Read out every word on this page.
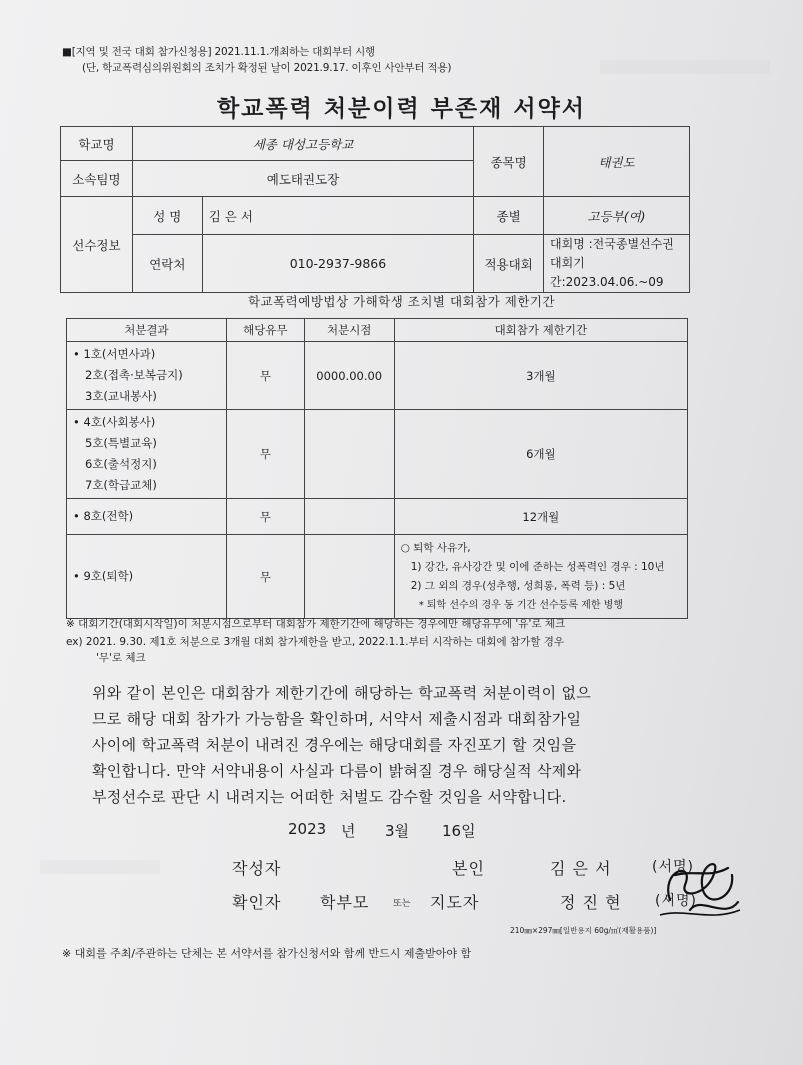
■[지역 및 전국 대회 참가신청용] 2021.11.1.개최하는 대회부터 시행
(단, 학교폭력심의위원회의 조치가 확정된 날이 2021.9.17. 이후인 사안부터 적용)
학교폭력 처분이력 부존재 서약서
학교명	세종 대성고등학교		종목명	태권도
소속팀명	예도태권도장			
선수정보	성 명	김 은 서	종별	고등부(여)
	연락처	010-2937-9866	적용대회	대회명 :전국종별선수권
대회기간:2023.04.06.~09
학교폭력예방법상 가해학생 조치별 대회참가 제한기간
처분결과	해당유무	처분시점	대회참가 제한기간

• 1호(서면사과)
2호(접촉·보복금지)
3호(교내봉사)	무	0000.00.00	3개월

• 4호(사회봉사)
5호(특별교육)
6호(출석정지)
7호(학급교체)	무		6개월

• 8호(전학)	무		12개월

• 9호(퇴학)	무		○ 퇴학 사유가,
1) 강간, 유사강간 및 이에 준하는 성폭력인 경우 : 10년
2) 그 외의 경우(성추행, 성희롱, 폭력 등) : 5년
* 퇴학 선수의 경우 동 기간 선수등록 제한 병행
※ 대회기간(대회시작일)이 처분시점으로부터 대회참가 제한기간에 해당하는 경우에만 해당유무에 '유'로 체크
ex) 2021. 9.30. 제1호 처분으로 3개월 대회 참가제한을 받고, 2022.1.1.부터 시작하는 대회에 참가할 경우
'무'로 체크
위와 같이 본인은 대회참가 제한기간에 해당하는 학교폭력 처분이력이 없으
므로 해당 대회 참가가 가능함을 확인하며, 서약서 제출시점과 대회참가일
사이에 학교폭력 처분이 내려진 경우에는 해당대회를 자진포기 할 것임을
확인합니다. 만약 서약내용이 사실과 다름이 밝혀질 경우 해당실적 삭제와
부정선수로 판단 시 내려지는 어떠한 처벌도 감수할 것임을 서약합니다.
2023 년 3월 16일
작성자	본인	김 은 서	(서명)
확인자 학부모	또는 지도자	정 진 현 (서명)
210㎜×297㎜[일반용지 60g/㎡(재활용품)]
※ 대회를 주최/주관하는 단체는 본 서약서를 참가신청서와 함께 반드시 제출받아야 함
